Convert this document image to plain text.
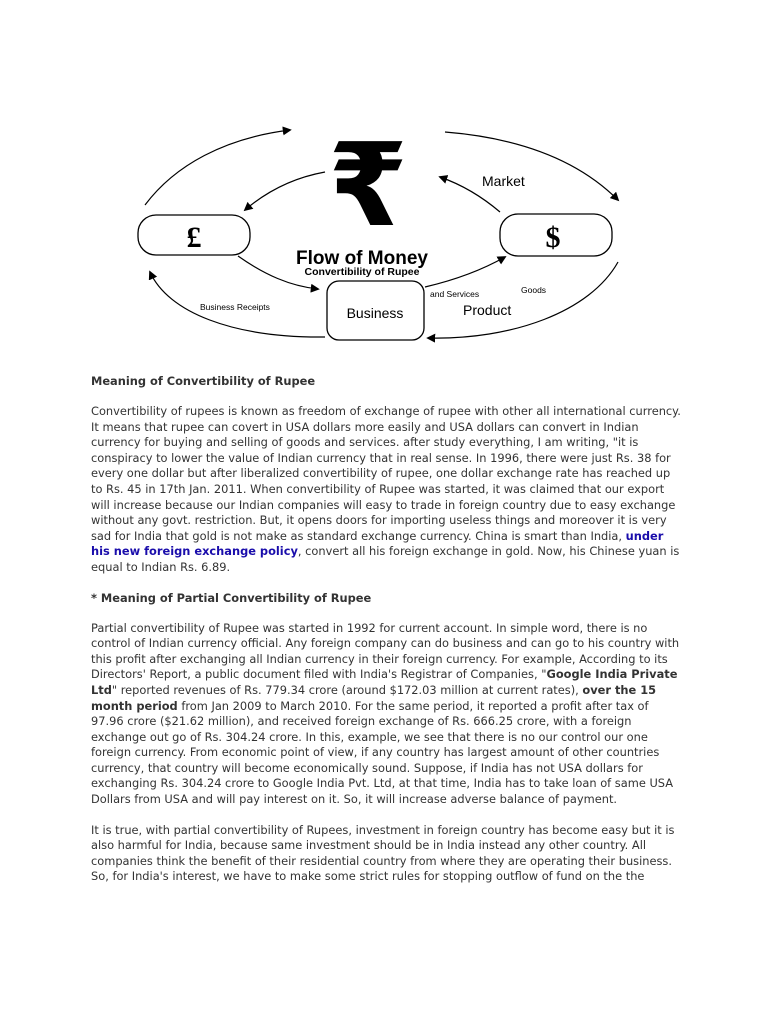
₹
Flow of Money
Convertibility of Rupee
£	$
Business
Market
Goods
and Services
Product
Business Receipts
Meaning of Convertibility of Rupee

Convertibility of rupees is known as freedom of exchange of rupee with other all international currency. It means that rupee can covert in USA dollars more easily and USA dollars can convert in Indian currency for buying and selling of goods and services. after study everything, I am writing, "it is conspiracy to lower the value of Indian currency that in real sense. In 1996, there were just Rs. 38 for every one dollar but after liberalized convertibility of rupee, one dollar exchange rate has reached up to Rs. 45 in 17th Jan. 2011. When convertibility of Rupee was started, it was claimed that our export will increase because our Indian companies will easy to trade in foreign country due to easy exchange without any govt. restriction. But, it opens doors for importing useless things and moreover it is very sad for India that gold is not make as standard exchange currency. China is smart than India, under his new foreign exchange policy, convert all his foreign exchange in gold. Now, his Chinese yuan is equal to Indian Rs. 6.89.

* Meaning of Partial Convertibility of Rupee

Partial convertibility of Rupee was started in 1992 for current account. In simple word, there is no control of Indian currency official. Any foreign company can do business and can go to his country with this profit after exchanging all Indian currency in their foreign currency. For example, According to its Directors' Report, a public document filed with India's Registrar of Companies, "Google India Private Ltd" reported revenues of Rs. 779.34 crore (around $172.03 million at current rates), over the 15 month period from Jan 2009 to March 2010. For the same period, it reported a profit after tax of 97.96 crore ($21.62 million), and received foreign exchange of Rs. 666.25 crore, with a foreign exchange out go of Rs. 304.24 crore. In this, example, we see that there is no our control our one foreign currency. From economic point of view, if any country has largest amount of other countries currency, that country will become economically sound. Suppose, if India has not USA dollars for exchanging Rs. 304.24 crore to Google India Pvt. Ltd, at that time, India has to take loan of same USA Dollars from USA and will pay interest on it. So, it will increase adverse balance of payment.

It is true, with partial convertibility of Rupees, investment in foreign country has become easy but it is also harmful for India, because same investment should be in India instead any other country. All companies think the benefit of their residential country from where they are operating their business. So, for India's interest, we have to make some strict rules for stopping outflow of fund on the the
